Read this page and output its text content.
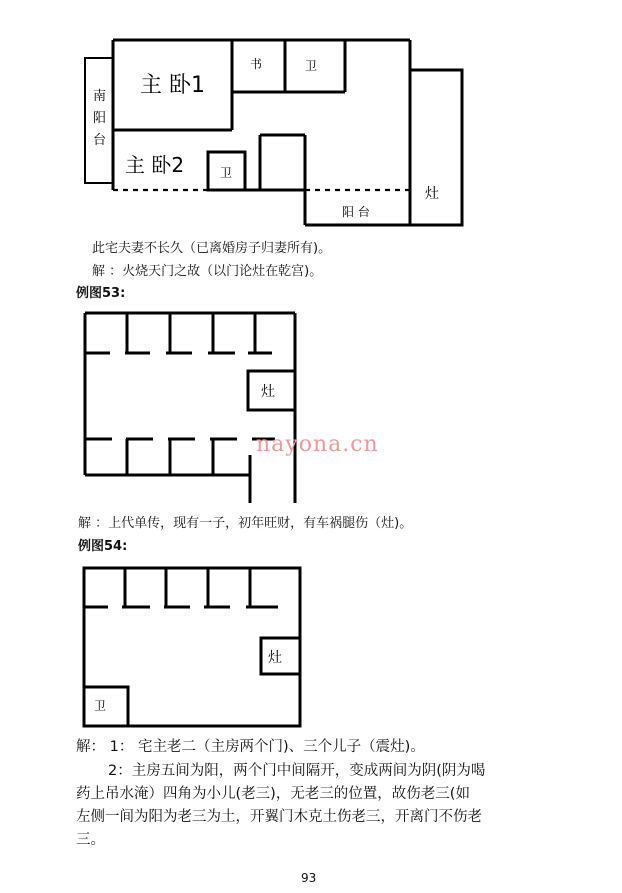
主 卧1
主 卧2
书	卫
卫
南
阳
台
阳 台
灶
此宅夫妻不长久（已离婚房子归妻所有)。
解 ：火烧天门之故（以门论灶在乾宫)。
例图53:
灶
nayona.cn
解 ：上代单传，现有一子，初年旺财，有车祸腿伤（灶)。
例图54:
灶
卫
解： 1： 宅主老二（主房两个门)、三个儿子（震灶)。
2：主房五间为阳，两个门中间隔开，变成两间为阴(阴为喝
药上吊水淹）四角为小儿(老三)，无老三的位置，故伤老三(如
左侧一间为阳为老三为土，开翼门木克土伤老三，开离门不伤老
三。
93
